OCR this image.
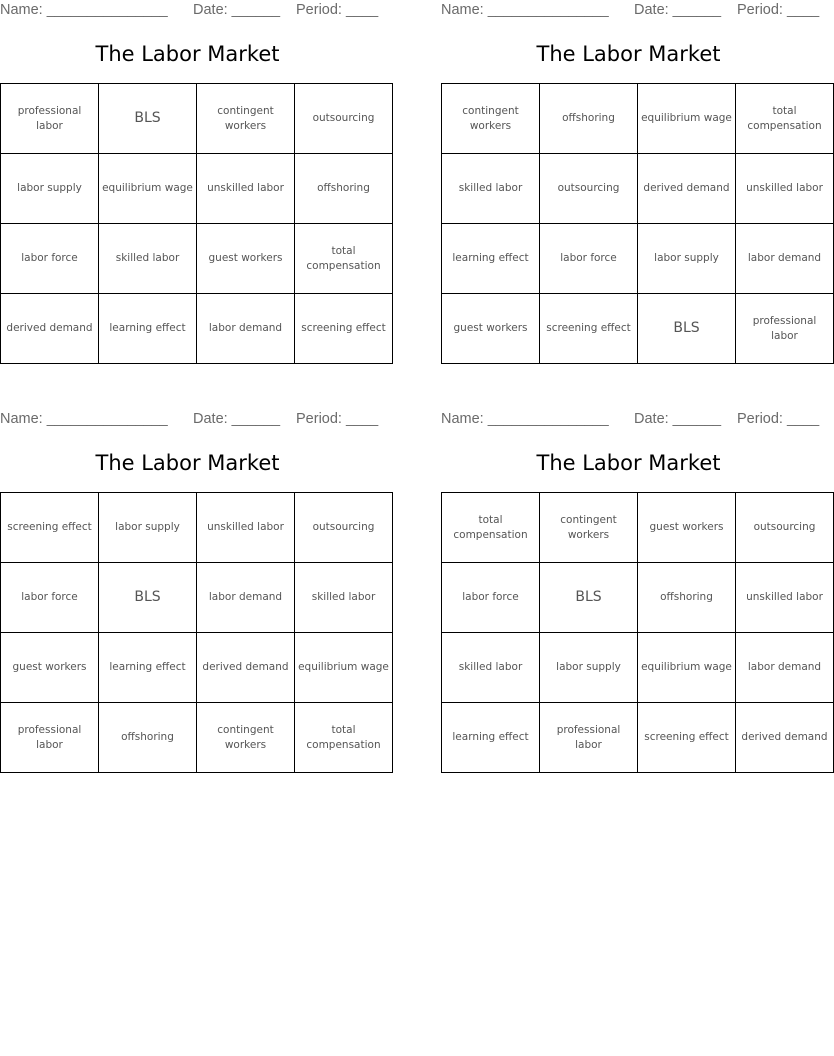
Name: _______________ Date: ______ Period: ____
The Labor Market
professional labor	BLS	contingent workers	outsourcing
labor supply	equilibrium wage	unskilled labor	offshoring
labor force	skilled labor	guest workers	total compensation
derived demand	learning effect	labor demand	screening effect
Name: _______________ Date: ______ Period: ____
The Labor Market
contingent workers	offshoring	equilibrium wage	total compensation
skilled labor	outsourcing	derived demand	unskilled labor
learning effect	labor force	labor supply	labor demand
guest workers	screening effect	BLS	professional labor
Name: _______________ Date: ______ Period: ____
The Labor Market
screening effect	labor supply	unskilled labor	outsourcing
labor force	BLS	labor demand	skilled labor
guest workers	learning effect	derived demand	equilibrium wage
professional labor	offshoring	contingent workers	total compensation
Name: _______________ Date: ______ Period: ____
The Labor Market
total compensation	contingent workers	guest workers	outsourcing
labor force	BLS	offshoring	unskilled labor
skilled labor	labor supply	equilibrium wage	labor demand
learning effect	professional labor	screening effect	derived demand
